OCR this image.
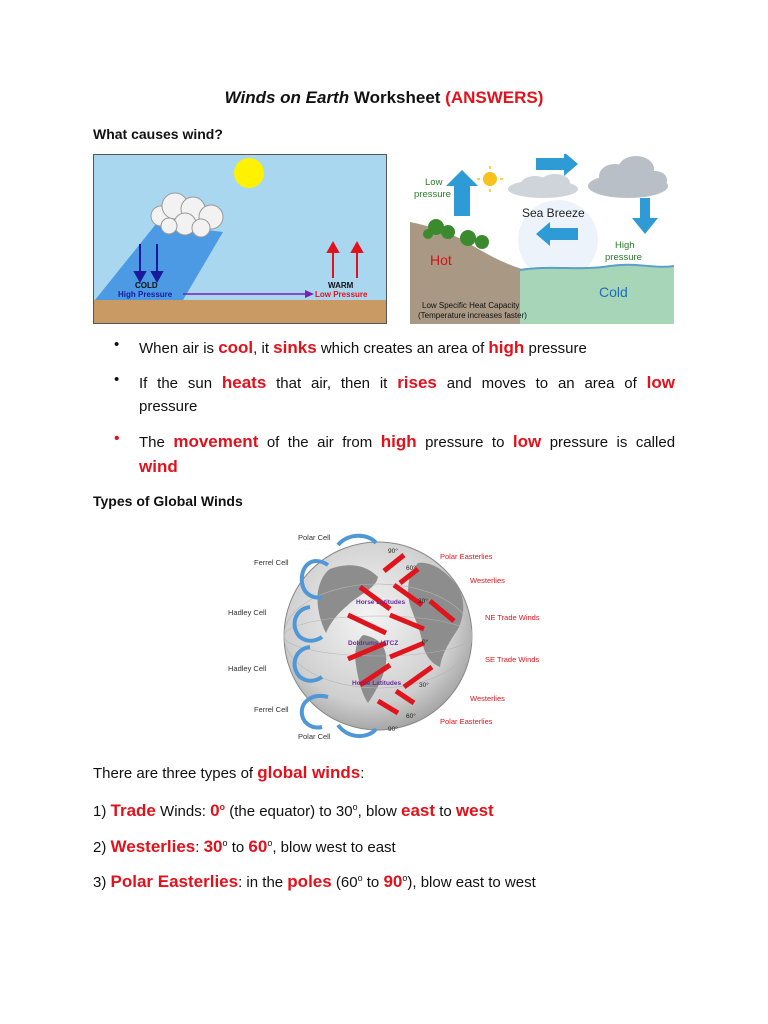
Winds on Earth Worksheet (ANSWERS)
What causes wind?
COLD
High Pressure
WARM
Low Pressure
Low
pressure
Sea Breeze
High
pressure
Hot
Cold
Low Specific Heat Capacity
(Temperature increases faster)
• When air is cool, it sinks which creates an area of high pressure
• If the sun heats that air, then it rises and moves to an area of low
pressure
• The movement of the air from high pressure to low pressure is called
wind
Types of Global Winds
Polar Cell
Ferrel Cell
Hadley Cell
Hadley Cell
Ferrel Cell
Polar Cell
Polar Easterlies
Westerlies
NE Trade Winds
SE Trade Winds
Westerlies
Polar Easterlies
90°
60°
30°
0°
30°
60°
90°
Horse Latitudes
Doldrums / ITCZ
Horse Latitudes
There are three types of global winds:
1) Trade Winds: 0$^o$ (the equator) to 30$^o$, blow east to west
2) Westerlies: 30$^o$ to 60$^o$, blow west to east
3) Polar Easterlies: in the poles (60$^o$ to 90$^o$), blow east to west
